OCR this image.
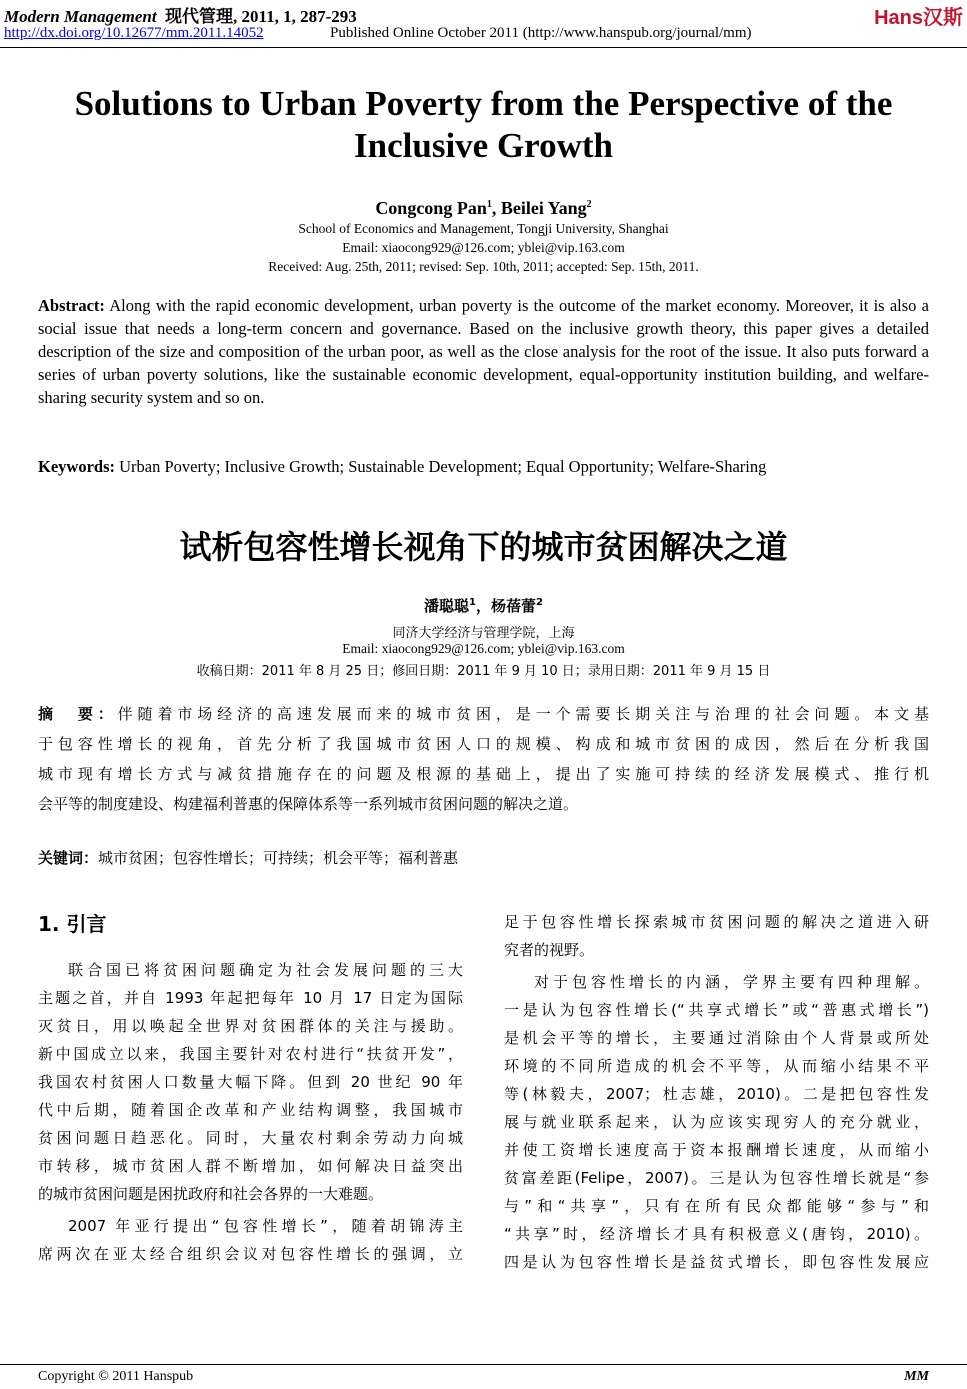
Modern Management 现代管理, 2011, 1, 287-293
http://dx.doi.org/10.12677/mm.2011.14052	Published Online October 2011 (http://www.hanspub.org/journal/mm)
Hans汉斯
Solutions to Urban Poverty from the Perspective of the Inclusive Growth
Congcong Pan$^1$, Beilei Yang$^2$
School of Economics and Management, Tongji University, Shanghai
Email: xiaocong929@126.com; yblei@vip.163.com
Received: Aug. 25th, 2011; revised: Sep. 10th, 2011; accepted: Sep. 15th, 2011.
Abstract: Along with the rapid economic development, urban poverty is the outcome of the market economy. Moreover, it is also a social issue that needs a long-term concern and governance. Based on the inclusive growth theory, this paper gives a detailed description of the size and composition of the urban poor, as well as the close analysis for the root of the issue. It also puts forward a series of urban poverty solutions, like the sustainable economic development, equal-opportunity institution building, and welfare-sharing security system and so on.
Keywords: Urban Poverty; Inclusive Growth; Sustainable Development; Equal Opportunity; Welfare-Sharing
试析包容性增长视角下的城市贫困解决之道
潘聪聪$^1$，杨蓓蕾$^2$
同济大学经济与管理学院，上海
Email: xiaocong929@126.com; yblei@vip.163.com
收稿日期：2011 年 8 月 25 日；修回日期：2011 年 9 月 10 日；录用日期：2011 年 9 月 15 日
摘　要：伴随着市场经济的高速发展而来的城市贫困，是一个需要长期关注与治理的社会问题。本文基
于包容性增长的视角，首先分析了我国城市贫困人口的规模、构成和城市贫困的成因，然后在分析我国
城市现有增长方式与减贫措施存在的问题及根源的基础上，提出了实施可持续的经济发展模式、推行机
会平等的制度建设、构建福利普惠的保障体系等一系列城市贫困问题的解决之道。
关键词：城市贫困；包容性增长；可持续；机会平等；福利普惠
1. 引言
联合国已将贫困问题确定为社会发展问题的三大
主题之首，并自 1993 年起把每年 10 月 17 日定为国际
灭贫日，用以唤起全世界对贫困群体的关注与援助。
新中国成立以来，我国主要针对农村进行“扶贫开发”，
我国农村贫困人口数量大幅下降。但到 20 世纪 90 年
代中后期，随着国企改革和产业结构调整，我国城市
贫困问题日趋恶化。同时，大量农村剩余劳动力向城
市转移，城市贫困人群不断增加，如何解决日益突出
的城市贫困问题是困扰政府和社会各界的一大难题。
2007 年亚行提出“包容性增长”，随着胡锦涛主
席两次在亚太经合组织会议对包容性增长的强调，立
足于包容性增长探索城市贫困问题的解决之道进入研
究者的视野。
对于包容性增长的内涵，学界主要有四种理解。
一是认为包容性增长(“共享式增长”或“普惠式增长”)
是机会平等的增长，主要通过消除由个人背景或所处
环境的不同所造成的机会不平等，从而缩小结果不平
等(林毅夫，2007；杜志雄，2010)。二是把包容性发
展与就业联系起来，认为应该实现穷人的充分就业，
并使工资增长速度高于资本报酬增长速度，从而缩小
贫富差距(Felipe，2007)。三是认为包容性增长就是“参
与”和“共享”，只有在所有民众都能够“参与”和
“共享”时，经济增长才具有积极意义(唐钧，2010)。
四是认为包容性增长是益贫式增长，即包容性发展应
Copyright © 2011 Hanspub	MM
